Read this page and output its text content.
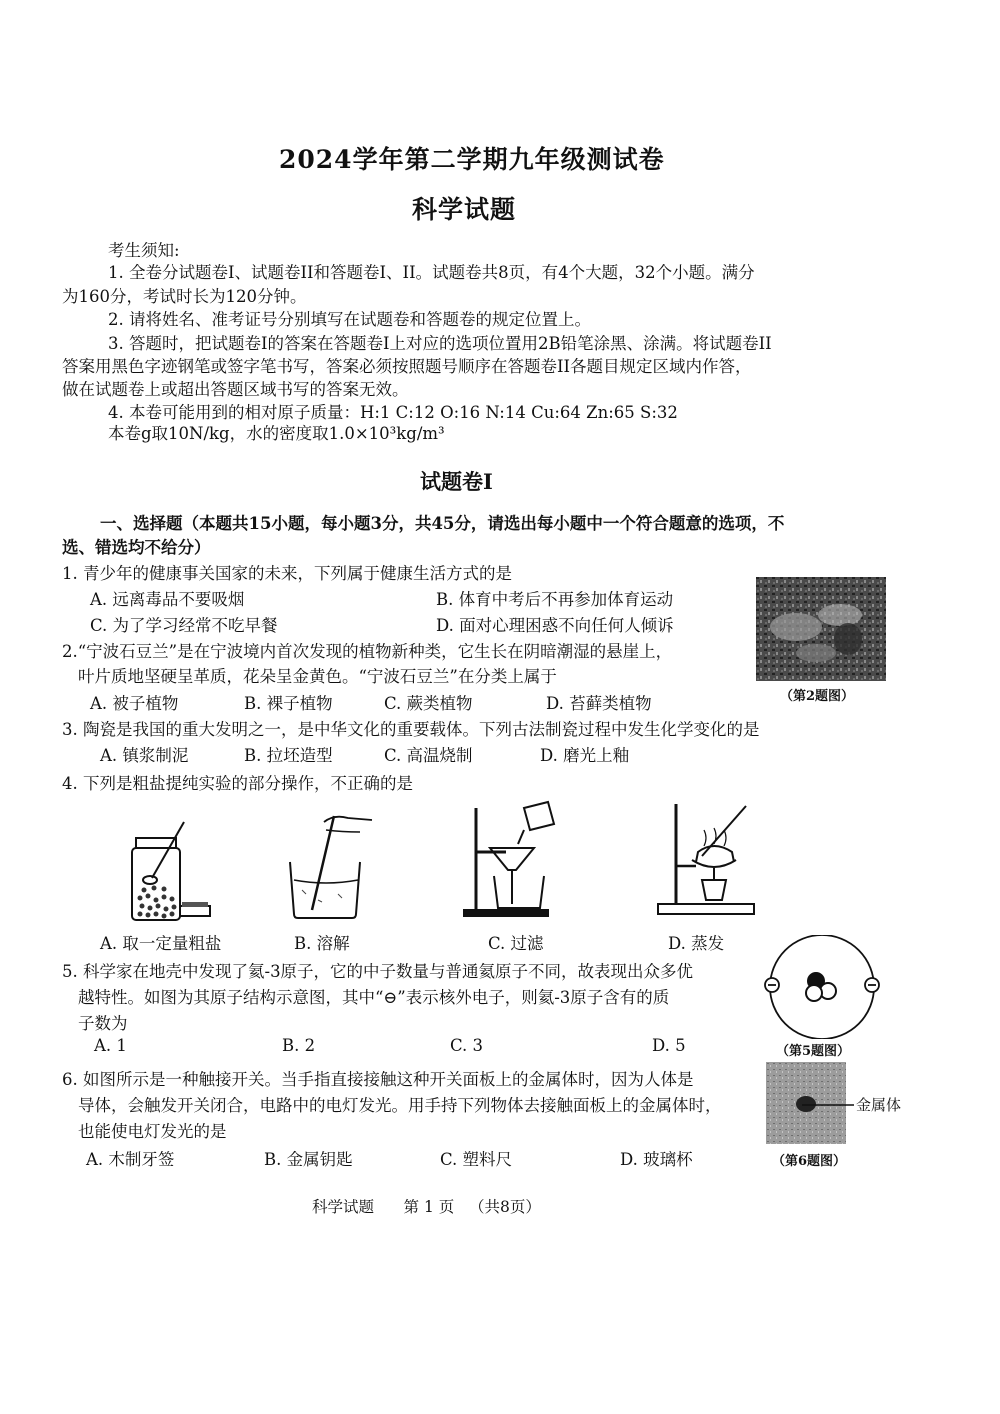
2024学年第二学期九年级测试卷
科学试题
考生须知:
1. 全卷分试题卷I、试题卷II和答题卷I、II。试题卷共8页，有4个大题，32个小题。满分
为160分，考试时长为120分钟。
2. 请将姓名、准考证号分别填写在试题卷和答题卷的规定位置上。
3. 答题时，把试题卷I的答案在答题卷I上对应的选项位置用2B铅笔涂黑、涂满。将试题卷II
答案用黑色字迹钢笔或签字笔书写，答案必须按照题号顺序在答题卷II各题目规定区域内作答，
做在试题卷上或超出答题区域书写的答案无效。
4. 本卷可能用到的相对原子质量：H:1 C:12 O:16 N:14 Cu:64 Zn:65 S:32
本卷g取10N/kg，水的密度取1.0×10³kg/m³
试题卷I
一、选择题（本题共15小题，每小题3分，共45分，请选出每小题中一个符合题意的选项，不
选、错选均不给分）
1. 青少年的健康事关国家的未来，下列属于健康生活方式的是
A. 远离毒品不要吸烟	B. 体育中考后不再参加体育运动
C. 为了学习经常不吃早餐	D. 面对心理困惑不向任何人倾诉
2.“宁波石豆兰”是在宁波境内首次发现的植物新种类，它生长在阴暗潮湿的悬崖上，
叶片质地坚硬呈革质，花朵呈金黄色。“宁波石豆兰”在分类上属于
A. 被子植物	B. 裸子植物	C. 蕨类植物	D. 苔藓类植物	（第2题图）
3. 陶瓷是我国的重大发明之一，是中华文化的重要载体。下列古法制瓷过程中发生化学变化的是
A. 镇浆制泥	B. 拉坯造型	C. 高温烧制	D. 磨光上釉
4. 下列是粗盐提纯实验的部分操作，不正确的是
A. 取一定量粗盐	B. 溶解	C. 过滤	D. 蒸发
5. 科学家在地壳中发现了氦-3原子，它的中子数量与普通氦原子不同，故表现出众多优
越特性。如图为其原子结构示意图，其中“⊖”表示核外电子，则氦-3原子含有的质
子数为
A. 1	B. 2	C. 3	D. 5	（第5题图）
6. 如图所示是一种触接开关。当手指直接接触这种开关面板上的金属体时，因为人体是
导体，会触发开关闭合，电路中的电灯发光。用手持下列物体去接触面板上的金属体时，
也能使电灯发光的是
A. 木制牙签	B. 金属钥匙	C. 塑料尺	D. 玻璃杯
金属体
（第6题图）
科学试题      第 1 页   （共8页）
